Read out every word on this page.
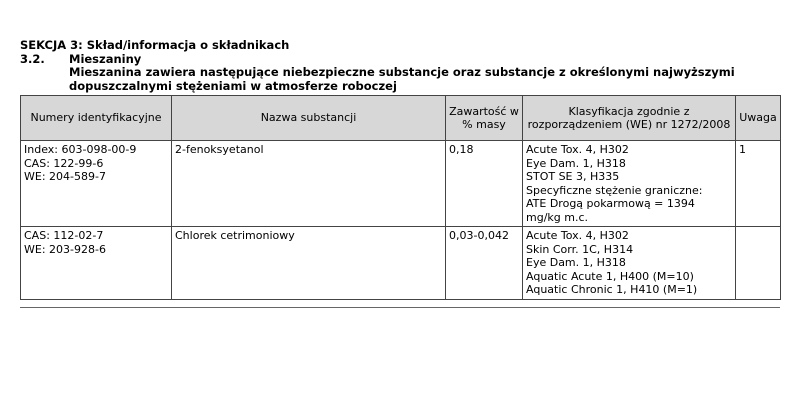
SEKCJA 3: Skład/informacja o składnikach
3.2.	Mieszaniny
Mieszanina zawiera następujące niebezpieczne substancje oraz substancje z określonymi najwyższymi dopuszczalnymi stężeniami w atmosferze roboczej
Numery identyfikacyjne	Nazwa substancji	Zawartość w % masy	Klasyfikacja zgodnie z rozporządzeniem (WE) nr 1272/2008	Uwaga

Index: 603-098-00-9
CAS: 122-99-6
WE: 204-589-7	2-fenoksyetanol	0,18	Acute Tox. 4, H302
Eye Dam. 1, H318
STOT SE 3, H335
Specyficzne stężenie graniczne:
ATE Drogą pokarmową = 1394 mg/kg m.c.	1

CAS: 112-02-7
WE: 203-928-6	Chlorek cetrimoniowy	0,03-0,042	Acute Tox. 4, H302
Skin Corr. 1C, H314
Eye Dam. 1, H318
Aquatic Acute 1, H400 (M=10)
Aquatic Chronic 1, H410 (M=1)	
